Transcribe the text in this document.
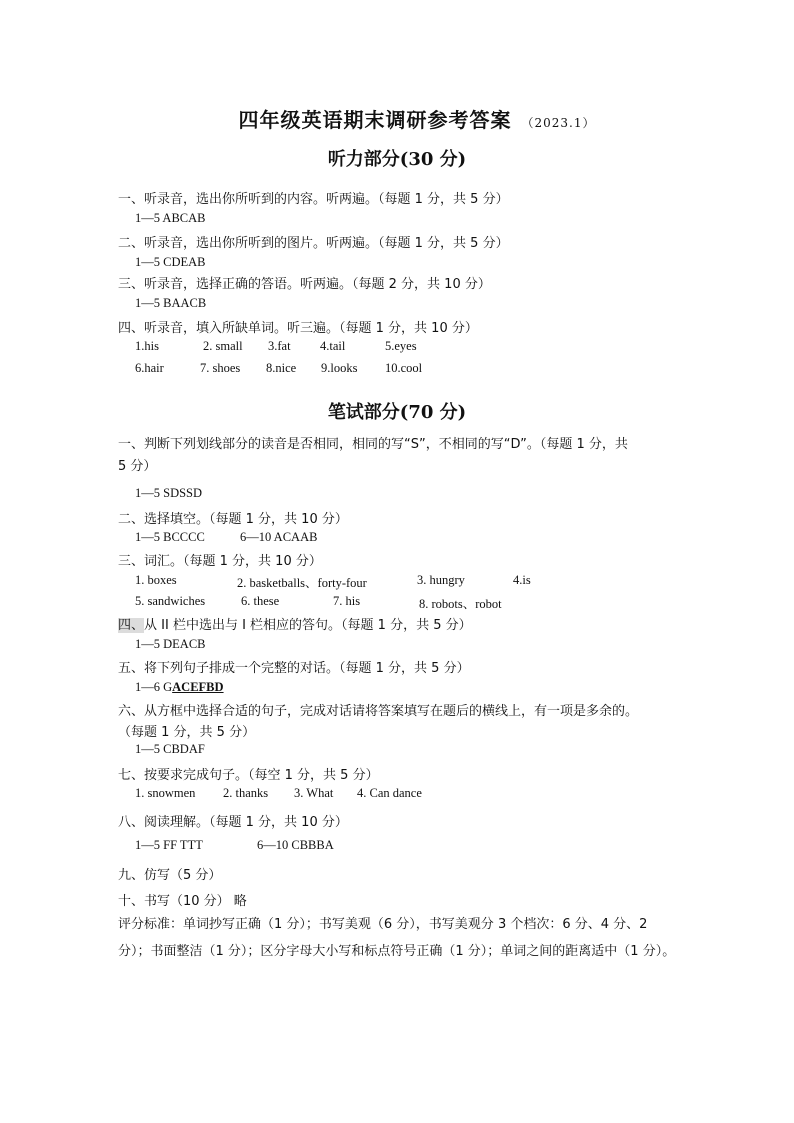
四年级英语期末调研参考答案 （2023.1）
听力部分(30 分)
一、听录音，选出你所听到的内容。听两遍。（每题 1 分，共 5 分）
1—5 ABCAB
二、听录音，选出你所听到的图片。听两遍。（每题 1 分，共 5 分）
1—5 CDEAB
三、听录音，选择正确的答语。听两遍。（每题 2 分，共 10 分）
1—5 BAACB
四、听录音，填入所缺单词。听三遍。（每题 1 分，共 10 分）
1.his	2. small 3.fat 4.tail	5.eyes
6.hair	7. shoes 8.nice 9.looks 10.cool
笔试部分(70 分)
一、判断下列划线部分的读音是否相同，相同的写“S”，不相同的写“D”。（每题 1 分，共
5 分）
1—5 SDSSD
二、选择填空。（每题 1 分，共 10 分）
1—5 BCCCC	6—10 ACAAB
三、词汇。（每题 1 分，共 10 分）
1. boxes	2. basketballs、forty-four	3. hungry	4.is
5. sandwiches	6. these	7. his	8. robots、robot
四、从 II 栏中选出与 I 栏相应的答句。（每题 1 分，共 5 分）
1—5 DEACB
五、将下列句子排成一个完整的对话。（每题 1 分，共 5 分）
1—6 GACEFBD
六、从方框中选择合适的句子，完成对话请将答案填写在题后的横线上，有一项是多余的。
（每题 1 分，共 5 分）
1—5 CBDAF
七、按要求完成句子。（每空 1 分，共 5 分）
1. snowmen 2. thanks 3. What 4. Can dance
八、阅读理解。（每题 1 分，共 10 分）
1—5 FF TTT	6—10 CBBBA
九、仿写（5 分）
十、书写（10 分） 略
评分标准：单词抄写正确（1 分）；书写美观（6 分），书写美观分 3 个档次：6 分、4 分、2 分）；书面整洁（1 分）；区分字母大小写和标点符号正确（1 分）；单词之间的距离适中（1 分）。
